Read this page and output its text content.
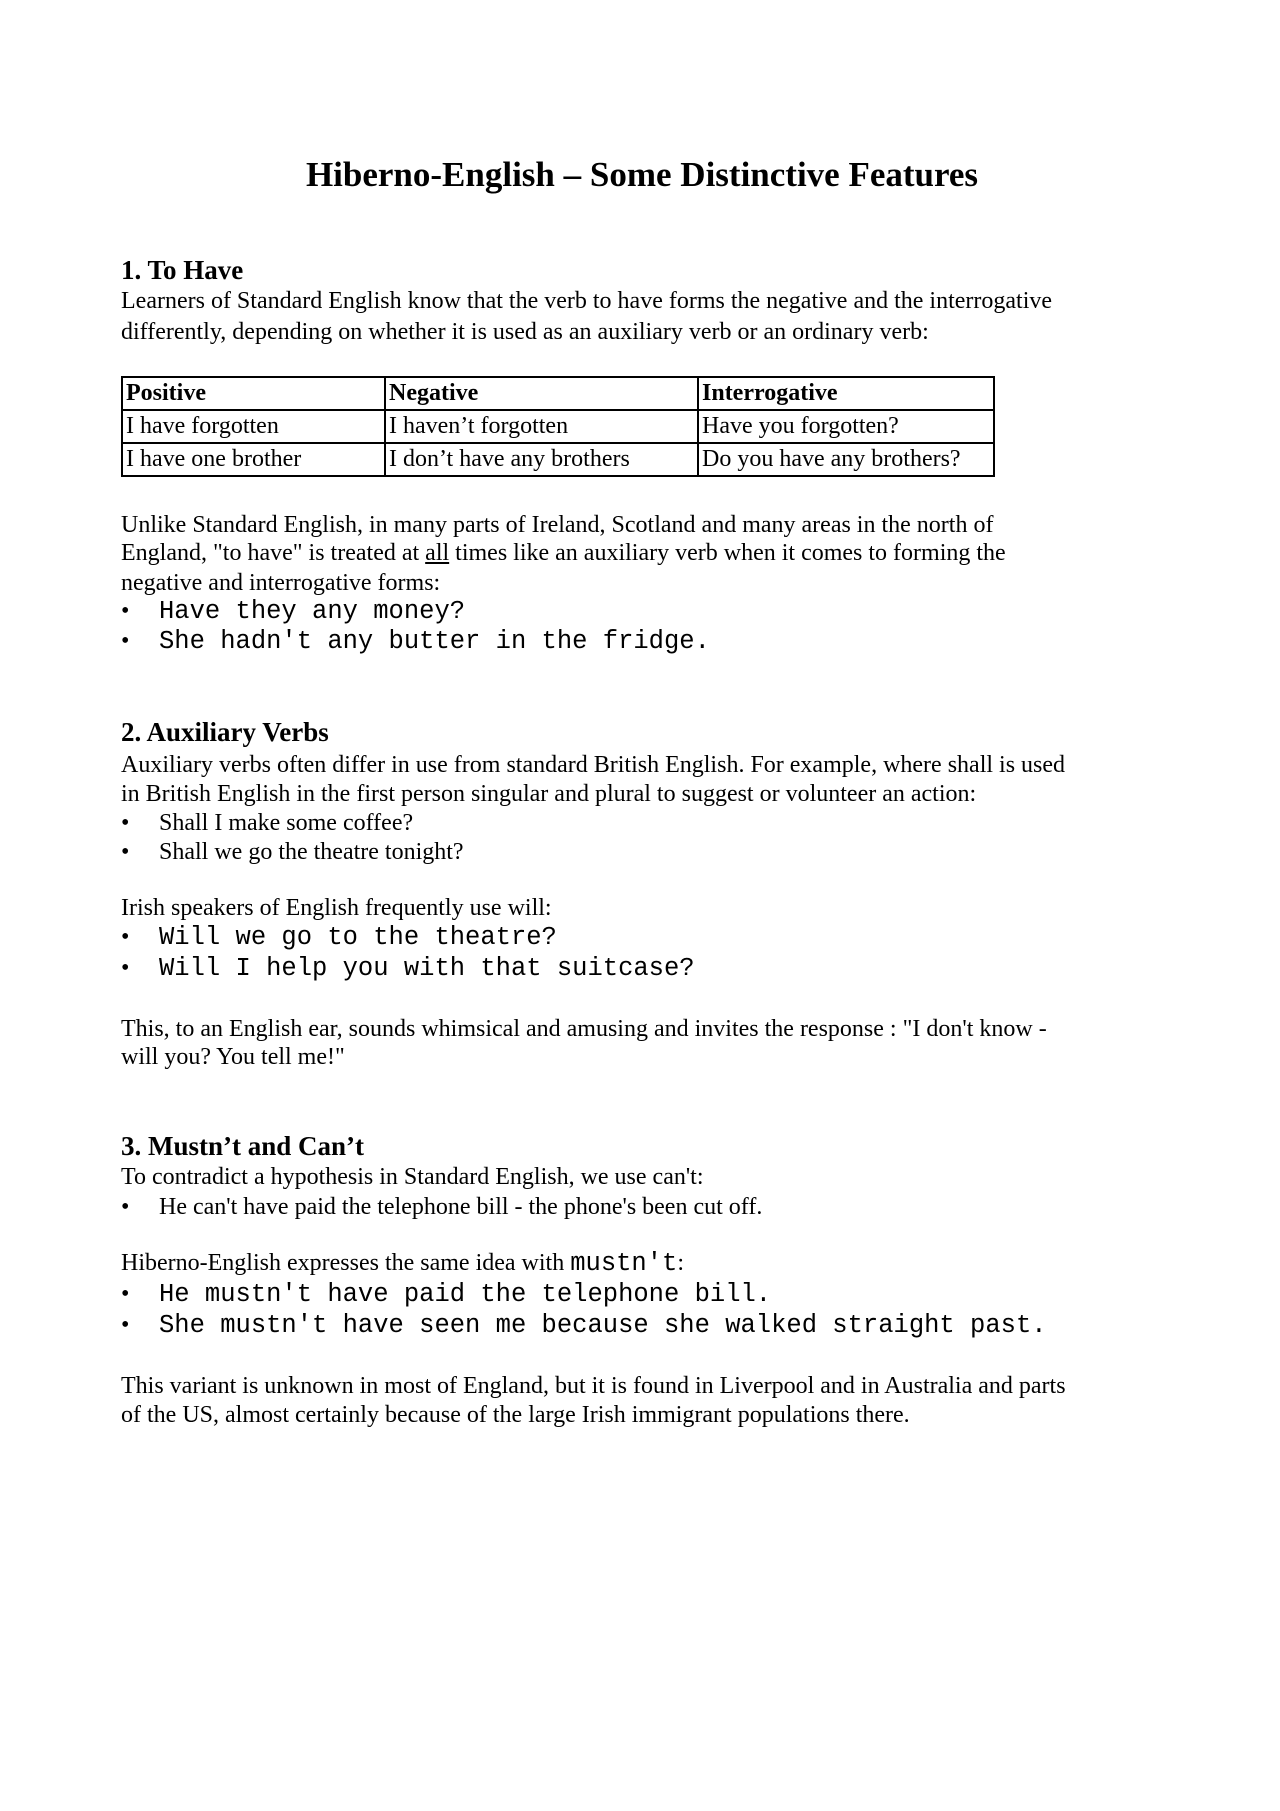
Hiberno-English – Some Distinctive Features
1. To Have
Learners of Standard English know that the verb to have forms the negative and the interrogative
differently, depending on whether it is used as an auxiliary verb or an ordinary verb:
Positive	Negative	Interrogative
I have forgotten	I haven’t forgotten	Have you forgotten?
I have one brother	I don’t have any brothers	Do you have any brothers?
Unlike Standard English, in many parts of Ireland, Scotland and many areas in the north of
England, "to have" is treated at all times like an auxiliary verb when it comes to forming the
negative and interrogative forms:
• Have they any money?
• She hadn't any butter in the fridge.
2. Auxiliary Verbs
Auxiliary verbs often differ in use from standard British English. For example, where shall is used
in British English in the first person singular and plural to suggest or volunteer an action:
• Shall I make some coffee?
• Shall we go the theatre tonight?
Irish speakers of English frequently use will:
• Will we go to the theatre?
• Will I help you with that suitcase?
This, to an English ear, sounds whimsical and amusing and invites the response : "I don't know -
will you? You tell me!"
3. Mustn’t and Can’t
To contradict a hypothesis in Standard English, we use can't:
• He can't have paid the telephone bill - the phone's been cut off.
Hiberno-English expresses the same idea with mustn't:
• He mustn't have paid the telephone bill.
• She mustn't have seen me because she walked straight past.
This variant is unknown in most of England, but it is found in Liverpool and in Australia and parts
of the US, almost certainly because of the large Irish immigrant populations there.
